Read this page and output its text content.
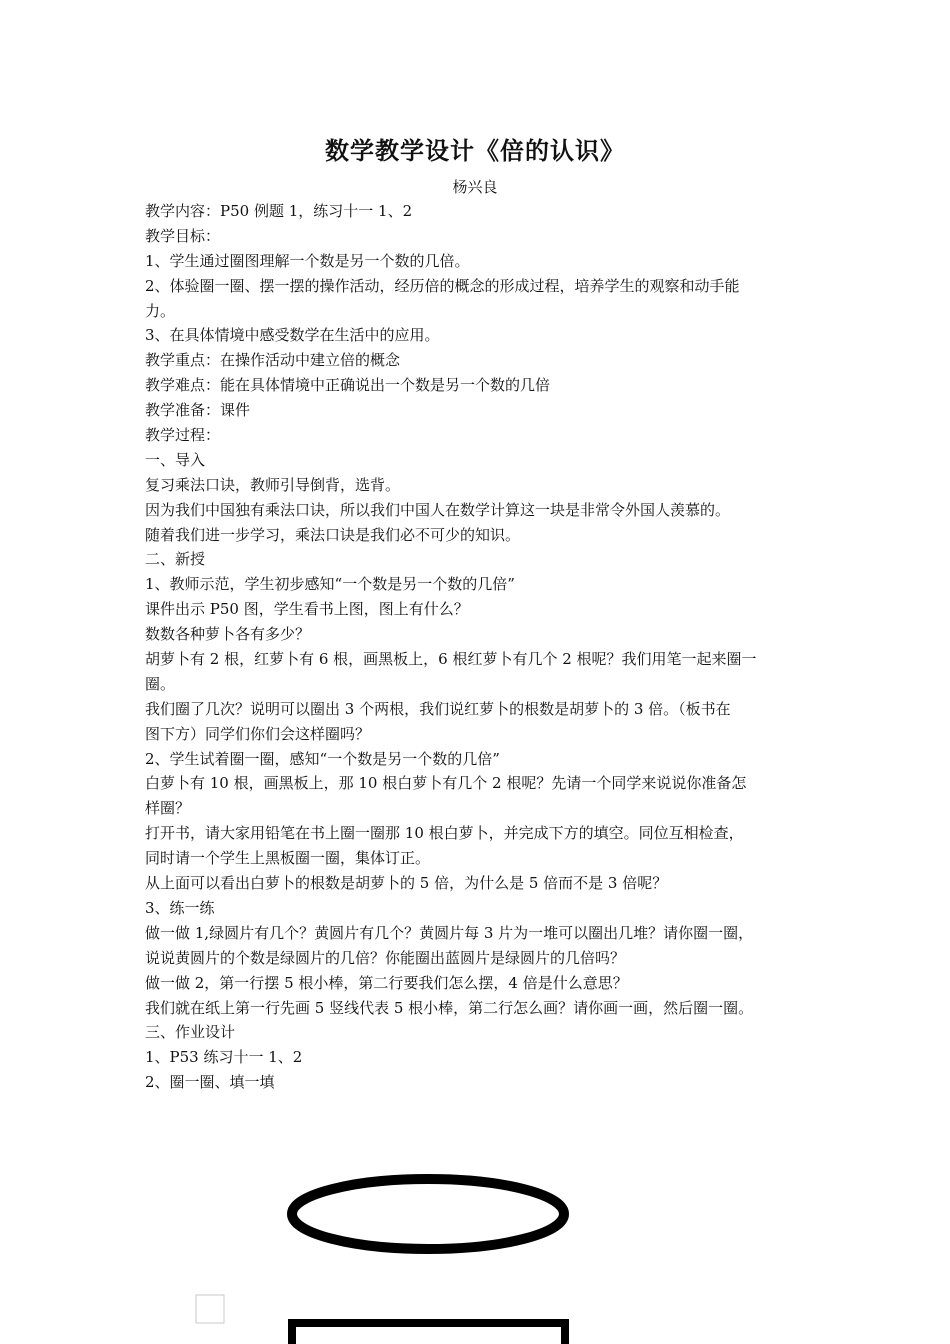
数学教学设计《倍的认识》
杨兴良
教学内容：P50 例题 1，练习十一 1、2
教学目标：
1、学生通过圈图理解一个数是另一个数的几倍。
2、体验圈一圈、摆一摆的操作活动，经历倍的概念的形成过程，培养学生的观察和动手能
力。
3、在具体情境中感受数学在生活中的应用。
教学重点：在操作活动中建立倍的概念
教学难点：能在具体情境中正确说出一个数是另一个数的几倍
教学准备：课件
教学过程：
一、导入
复习乘法口诀，教师引导倒背，选背。
因为我们中国独有乘法口诀，所以我们中国人在数学计算这一块是非常令外国人羡慕的。
随着我们进一步学习，乘法口诀是我们必不可少的知识。
二、新授
1、教师示范，学生初步感知“一个数是另一个数的几倍”
课件出示 P50 图，学生看书上图，图上有什么？
数数各种萝卜各有多少？
胡萝卜有 2 根，红萝卜有 6 根，画黑板上，6 根红萝卜有几个 2 根呢？我们用笔一起来圈一
圈。
我们圈了几次？说明可以圈出 3 个两根，我们说红萝卜的根数是胡萝卜的 3 倍。（板书在
图下方）同学们你们会这样圈吗？
2、学生试着圈一圈，感知“一个数是另一个数的几倍”
白萝卜有 10 根，画黑板上，那 10 根白萝卜有几个 2 根呢？先请一个同学来说说你准备怎
样圈？
打开书，请大家用铅笔在书上圈一圈那 10 根白萝卜，并完成下方的填空。同位互相检查，
同时请一个学生上黑板圈一圈，集体订正。
从上面可以看出白萝卜的根数是胡萝卜的 5 倍，为什么是 5 倍而不是 3 倍呢？
3、练一练
做一做 1,绿圆片有几个？黄圆片有几个？黄圆片每 3 片为一堆可以圈出几堆？请你圈一圈，
说说黄圆片的个数是绿圆片的几倍？你能圈出蓝圆片是绿圆片的几倍吗？
做一做 2，第一行摆 5 根小棒，第二行要我们怎么摆，4 倍是什么意思？
我们就在纸上第一行先画 5 竖线代表 5 根小棒，第二行怎么画？请你画一画，然后圈一圈。
三、作业设计
1、P53 练习十一 1、2
2、圈一圈、填一填
